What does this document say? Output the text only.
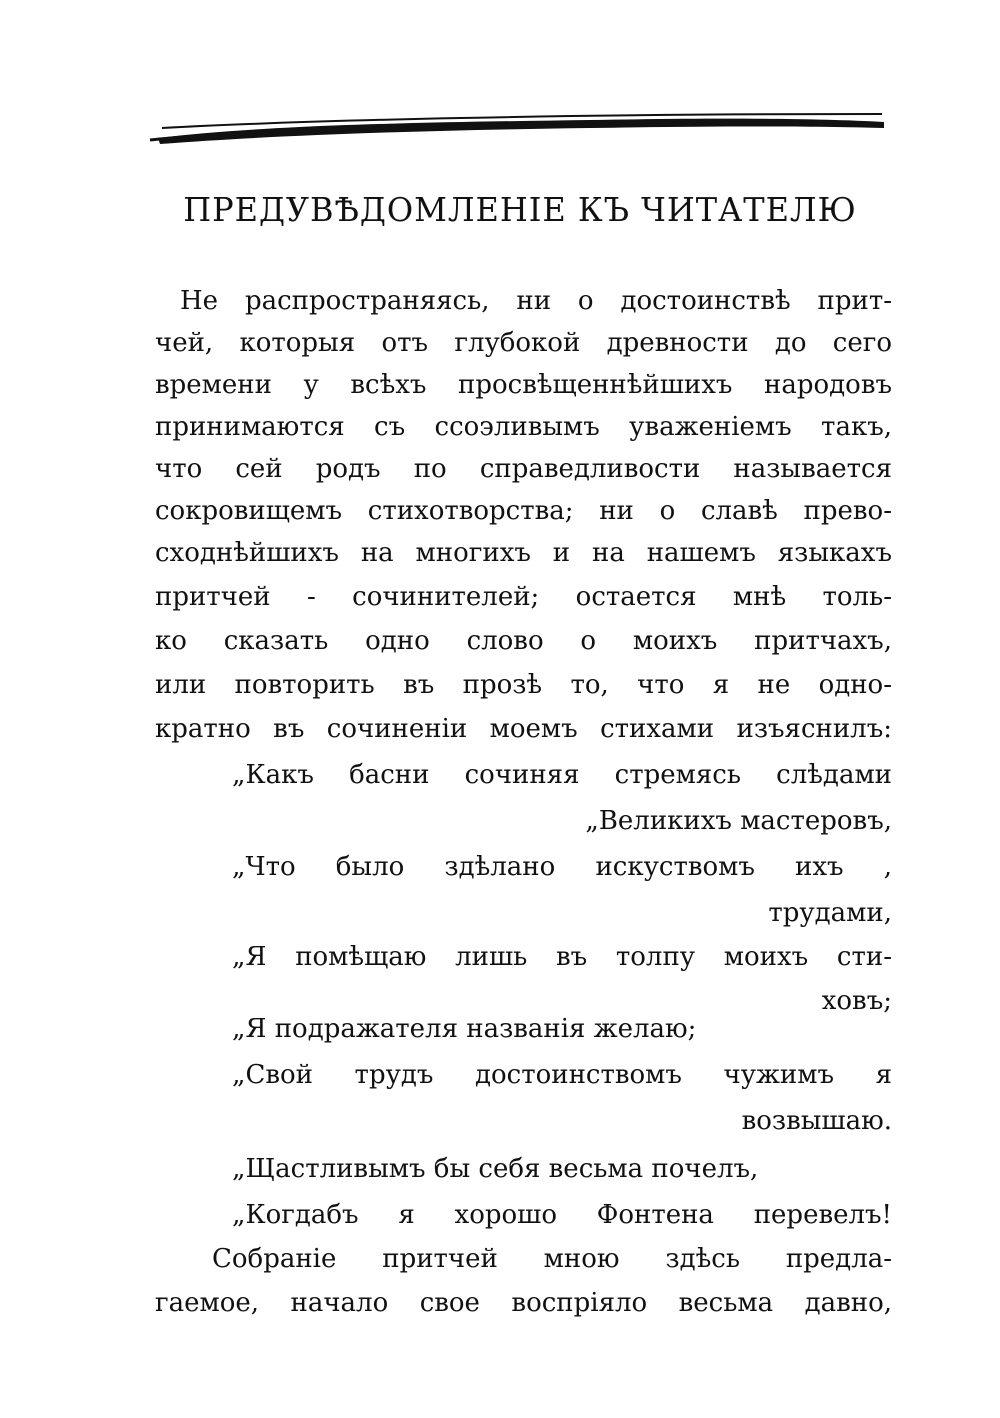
ПРЕДУВѢДОМЛЕНIЕ КЪ ЧИТАТЕЛЮ
Не распрострaняясь, ни о достоинствѣ прит-
чей, которыя отъ глубокой древности до сего
времени у всѣхъ просвѣщеннѣйшихъ народовъ
принимаются съ ссоэливымъ уваженiемъ такъ,
что сей родъ по справедливости называется
сокровищемъ стихотворства; ни о славѣ прево-
сходнѣйшихъ на многихъ и на нашемъ языкахъ
притчей - сочинителей; остается мнѣ толь-
ко сказать одно слово о моихъ притчахъ,
или повторить въ прозѣ то, что я не одно-
кратно въ сочиненiи моемъ стихами изъяснилъ:
„Какъ басни сочиняя стремясь слѣдами
„Великихъ мастеровъ,
„Что было здѣлано искуствомъ ихъ ,
трудами,
„Я помѣщаю лишь въ толпу моихъ сти-
ховъ;
„Я подражателя названiя желаю;
„Свой трудъ достоинствомъ чужимъ я
возвышаю.
„Щастливымъ бы себя весьма почелъ,
„Когдабъ я хорошо Фонтена перевелъ!
Собранiе притчей мною здѣсь предла-
гаемое, начало свое воспрiяло весьма давно,
